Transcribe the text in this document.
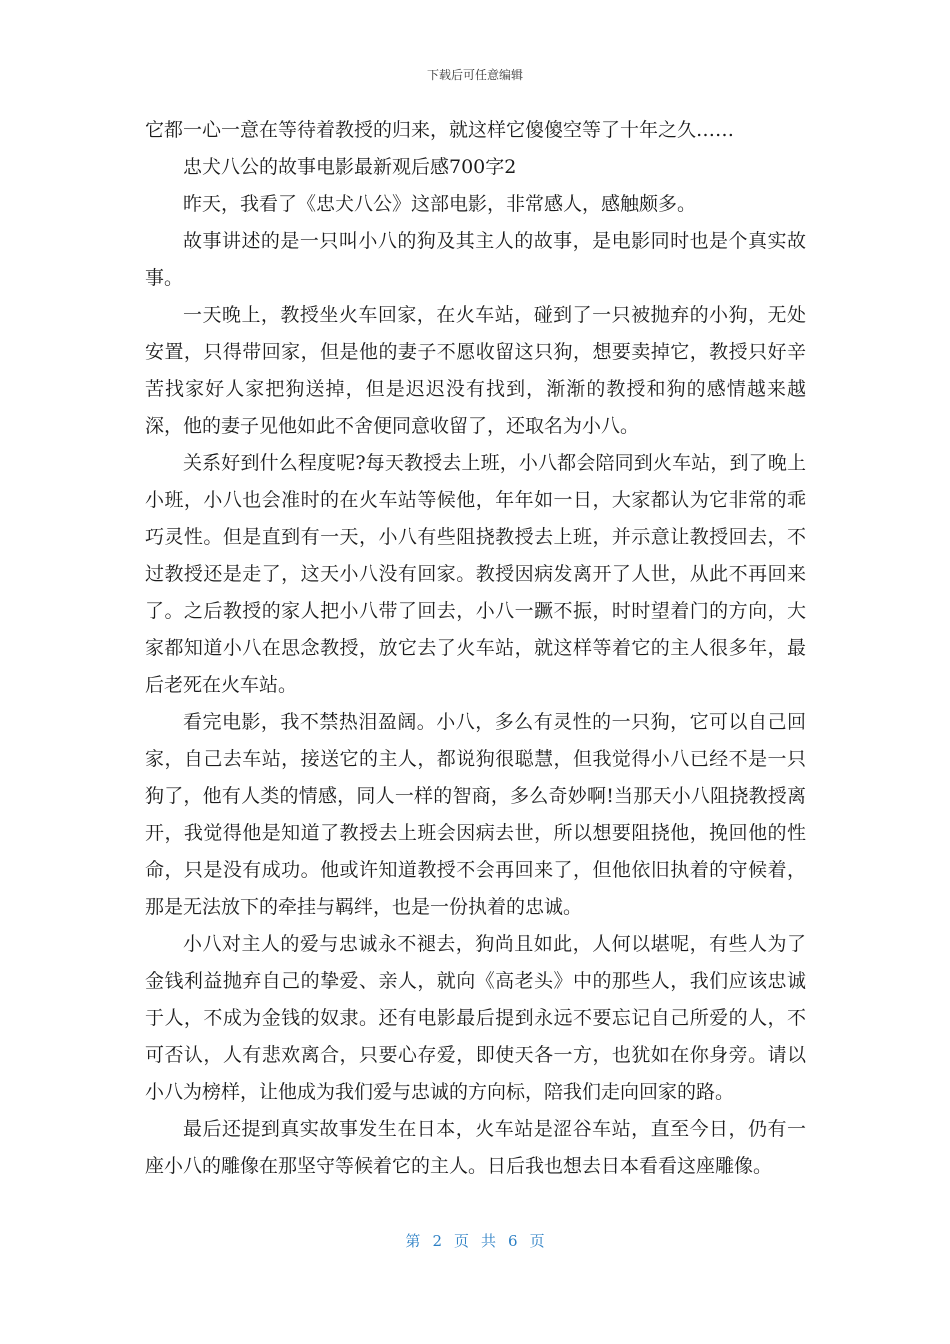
下载后可任意编辑

它都一心一意在等待着教授的归来，就这样它傻傻空等了十年之久……

忠犬八公的故事电影最新观后感700字2

昨天，我看了《忠犬八公》这部电影，非常感人，感触颇多。

故事讲述的是一只叫小八的狗及其主人的故事，是电影同时也是个真实故事。

一天晚上，教授坐火车回家，在火车站，碰到了一只被抛弃的小狗，无处安置，只得带回家，但是他的妻子不愿收留这只狗，想要卖掉它，教授只好辛苦找家好人家把狗送掉，但是迟迟没有找到，渐渐的教授和狗的感情越来越深，他的妻子见他如此不舍便同意收留了，还取名为小八。

关系好到什么程度呢?每天教授去上班，小八都会陪同到火车站，到了晚上小班，小八也会准时的在火车站等候他，年年如一日，大家都认为它非常的乖巧灵性。但是直到有一天，小八有些阻挠教授去上班，并示意让教授回去，不过教授还是走了，这天小八没有回家。教授因病发离开了人世，从此不再回来了。之后教授的家人把小八带了回去，小八一蹶不振，时时望着门的方向，大家都知道小八在思念教授，放它去了火车站，就这样等着它的主人很多年，最后老死在火车站。

看完电影，我不禁热泪盈阔。小八，多么有灵性的一只狗，它可以自己回家，自己去车站，接送它的主人，都说狗很聪慧，但我觉得小八已经不是一只狗了，他有人类的情感，同人一样的智商，多么奇妙啊!当那天小八阻挠教授离开，我觉得他是知道了教授去上班会因病去世，所以想要阻挠他，挽回他的性命，只是没有成功。他或许知道教授不会再回来了，但他依旧执着的守候着，那是无法放下的牵挂与羁绊，也是一份执着的忠诚。

小八对主人的爱与忠诚永不褪去，狗尚且如此，人何以堪呢，有些人为了金钱利益抛弃自己的挚爱、亲人，就向《高老头》中的那些人，我们应该忠诚于人，不成为金钱的奴隶。还有电影最后提到永远不要忘记自己所爱的人，不可否认，人有悲欢离合，只要心存爱，即使天各一方，也犹如在你身旁。请以小八为榜样，让他成为我们爱与忠诚的方向标，陪我们走向回家的路。

最后还提到真实故事发生在日本，火车站是涩谷车站，直至今日，仍有一座小八的雕像在那坚守等候着它的主人。日后我也想去日本看看这座雕像。

第 2 页 共 6 页
